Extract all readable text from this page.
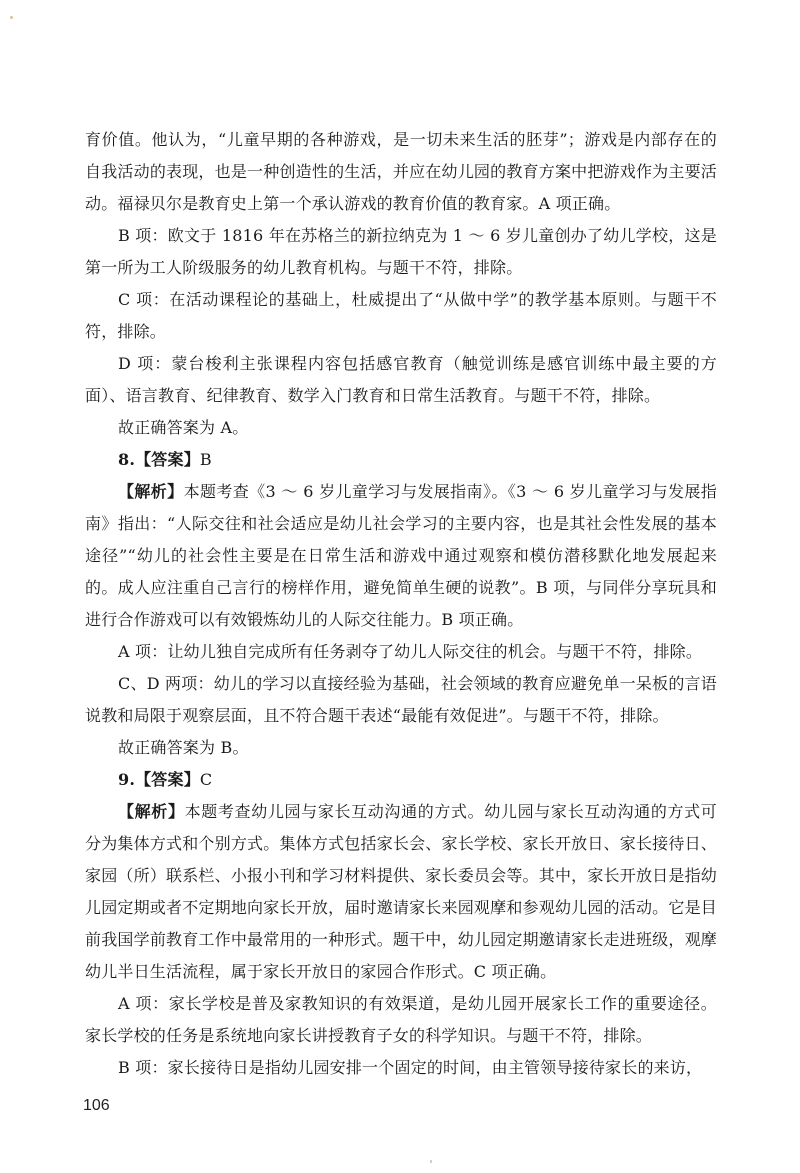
育价值。他认为，“儿童早期的各种游戏，是一切未来生活的胚芽”；游戏是内部存在的自我活动的表现，也是一种创造性的生活，并应在幼儿园的教育方案中把游戏作为主要活动。福禄贝尔是教育史上第一个承认游戏的教育价值的教育家。A 项正确。

B 项：欧文于 1816 年在苏格兰的新拉纳克为 1 ～ 6 岁儿童创办了幼儿学校，这是第一所为工人阶级服务的幼儿教育机构。与题干不符，排除。

C 项：在活动课程论的基础上，杜威提出了“从做中学”的教学基本原则。与题干不符，排除。

D 项：蒙台梭利主张课程内容包括感官教育（触觉训练是感官训练中最主要的方面）、语言教育、纪律教育、数学入门教育和日常生活教育。与题干不符，排除。

故正确答案为 A。

8.【答案】B

【解析】本题考查《3 ～ 6 岁儿童学习与发展指南》。《3 ～ 6 岁儿童学习与发展指南》指出：“人际交往和社会适应是幼儿社会学习的主要内容，也是其社会性发展的基本途径”“幼儿的社会性主要是在日常生活和游戏中通过观察和模仿潜移默化地发展起来的。成人应注重自己言行的榜样作用，避免简单生硬的说教”。B 项，与同伴分享玩具和进行合作游戏可以有效锻炼幼儿的人际交往能力。B 项正确。

A 项：让幼儿独自完成所有任务剥夺了幼儿人际交往的机会。与题干不符，排除。

C、D 两项：幼儿的学习以直接经验为基础，社会领域的教育应避免单一呆板的言语说教和局限于观察层面，且不符合题干表述“最能有效促进”。与题干不符，排除。

故正确答案为 B。

9.【答案】C

【解析】本题考查幼儿园与家长互动沟通的方式。幼儿园与家长互动沟通的方式可分为集体方式和个别方式。集体方式包括家长会、家长学校、家长开放日、家长接待日、家园（所）联系栏、小报小刊和学习材料提供、家长委员会等。其中，家长开放日是指幼儿园定期或者不定期地向家长开放，届时邀请家长来园观摩和参观幼儿园的活动。它是目前我国学前教育工作中最常用的一种形式。题干中，幼儿园定期邀请家长走进班级，观摩幼儿半日生活流程，属于家长开放日的家园合作形式。C 项正确。

A 项：家长学校是普及家教知识的有效渠道，是幼儿园开展家长工作的重要途径。家长学校的任务是系统地向家长讲授教育子女的科学知识。与题干不符，排除。

B 项：家长接待日是指幼儿园安排一个固定的时间，由主管领导接待家长的来访，

106
